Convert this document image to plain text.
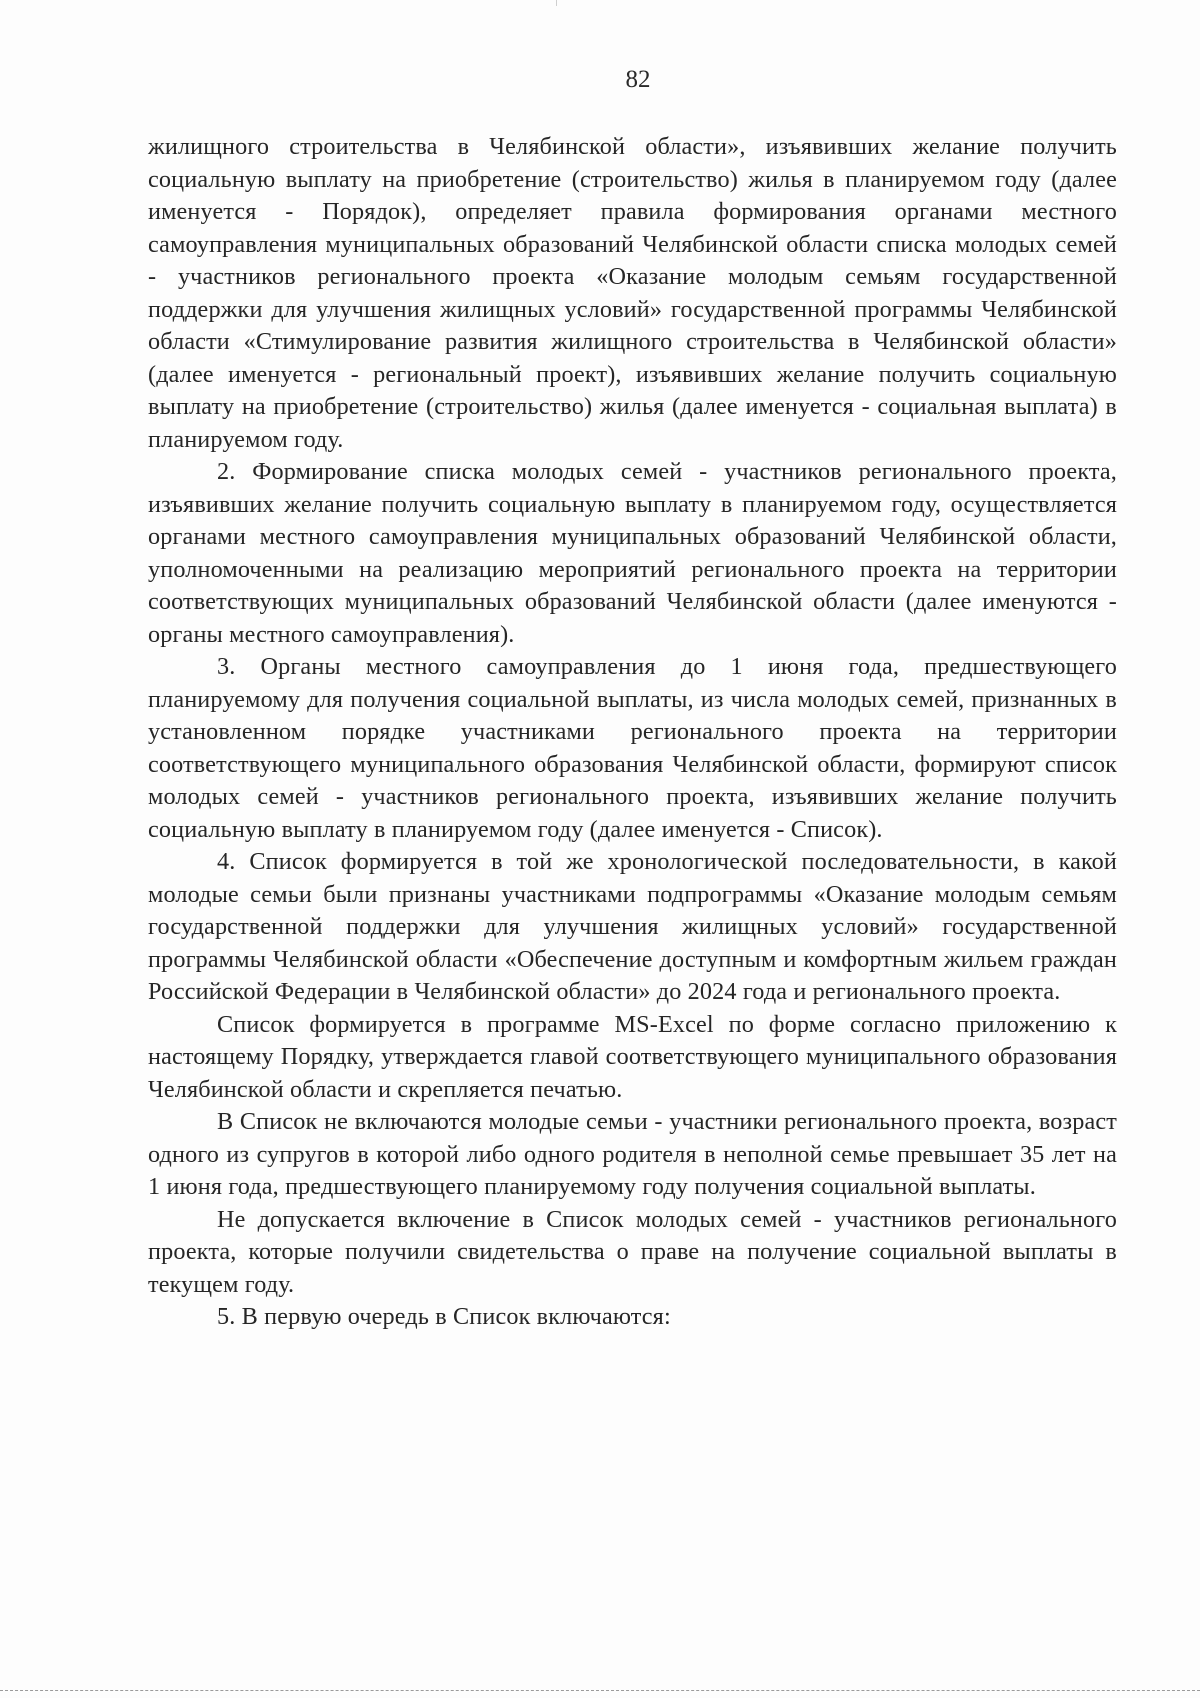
82

жилищного строительства в Челябинской области», изъявивших желание получить социальную выплату на приобретение (строительство) жилья в планируемом году (далее именуется - Порядок), определяет правила формирования органами местного самоуправления муниципальных образований Челябинской области списка молодых семей - участников регионального проекта «Оказание молодым семьям государственной поддержки для улучшения жилищных условий» государственной программы Челябинской области «Стимулирование развития жилищного строительства в Челябинской области» (далее именуется - региональный проект), изъявивших желание получить социальную выплату на приобретение (строительство) жилья (далее именуется - социальная выплата) в планируемом году.

2. Формирование списка молодых семей - участников регионального проекта, изъявивших желание получить социальную выплату в планируемом году, осуществляется органами местного самоуправления муниципальных образований Челябинской области, уполномоченными на реализацию мероприятий регионального проекта на территории соответствующих муниципальных образований Челябинской области (далее именуются - органы местного самоуправления).

3. Органы местного самоуправления до 1 июня года, предшествующего планируемому для получения социальной выплаты, из числа молодых семей, признанных в установленном порядке участниками регионального проекта на территории соответствующего муниципального образования Челябинской области, формируют список молодых семей - участников регионального проекта, изъявивших желание получить социальную выплату в планируемом году (далее именуется - Список).

4. Список формируется в той же хронологической последовательности, в какой молодые семьи были признаны участниками подпрограммы «Оказание молодым семьям государственной поддержки для улучшения жилищных условий» государственной программы Челябинской области «Обеспечение доступным и комфортным жильем граждан Российской Федерации в Челябинской области» до 2024 года и регионального проекта.

Список формируется в программе MS-Excel по форме согласно приложению к настоящему Порядку, утверждается главой соответствующего муниципального образования Челябинской области и скрепляется печатью.

В Список не включаются молодые семьи - участники регионального проекта, возраст одного из супругов в которой либо одного родителя в неполной семье превышает 35 лет на 1 июня года, предшествующего планируемому году получения социальной выплаты.

Не допускается включение в Список молодых семей - участников регионального проекта, которые получили свидетельства о праве на получение социальной выплаты в текущем году.

5. В первую очередь в Список включаются:
